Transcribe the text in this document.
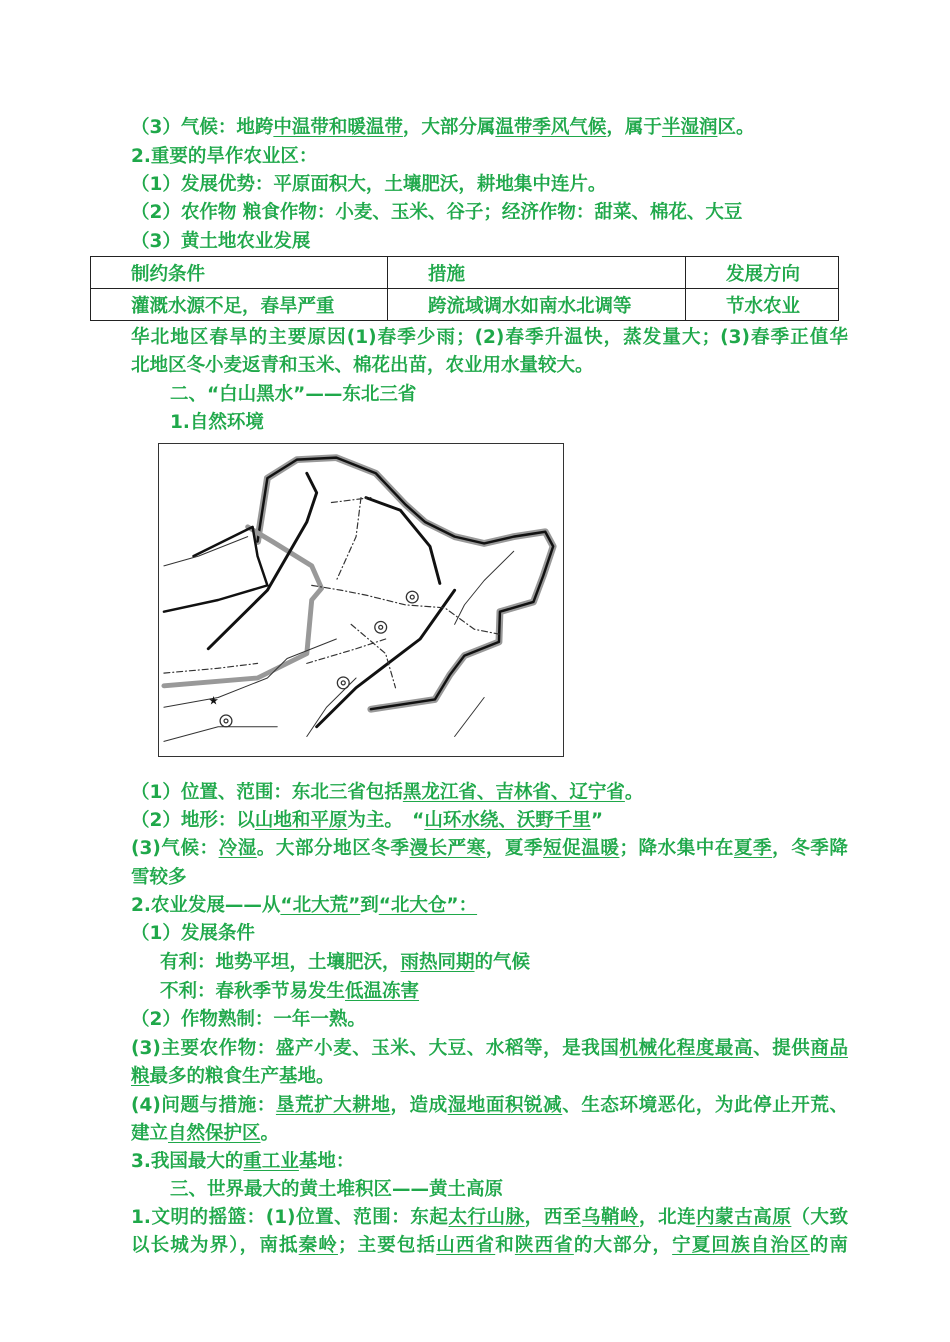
制约条件	措施	发展方向
灌溉水源不足，春旱严重	跨流域调水如南水北调等	节水农业
★
（3）气候：地跨中温带和暖温带，大部分属温带季风气候，属于半湿润区。
2.重要的旱作农业区：
（1）发展优势：平原面积大，土壤肥沃，耕地集中连片。
（2）农作物 粮食作物：小麦、玉米、谷子；经济作物：甜菜、棉花、大豆
（3）黄土地农业发展
华北地区春旱的主要原因(1)春季少雨；(2)春季升温快，蒸发量大；(3)春季正值华
北地区冬小麦返青和玉米、棉花出苗，农业用水量较大。
二、“白山黑水”——东北三省
1.自然环境
（1）位置、范围：东北三省包括黑龙江省、吉林省、辽宁省。
（2）地形：以山地和平原为主。　“山环水绕、沃野千里”
(3)气候：冷湿。大部分地区冬季漫长严寒，夏季短促温暖；降水集中在夏季，冬季降
雪较多
2.农业发展——从“北大荒”到“北大仓”：
（1）发展条件
有利：地势平坦，土壤肥沃，雨热同期的气候
不利：春秋季节易发生低温冻害
（2）作物熟制：一年一熟。
(3)主要农作物：盛产小麦、玉米、大豆、水稻等，是我国机械化程度最高、提供商品
粮最多的粮食生产基地。
(4)问题与措施：垦荒扩大耕地，造成湿地面积锐减、生态环境恶化，为此停止开荒、
建立自然保护区。
3.我国最大的重工业基地：
三、世界最大的黄土堆积区——黄土高原
1.文明的摇篮：(1)位置、范围：东起太行山脉，西至乌鞘岭，北连内蒙古高原（大致
以长城为界），南抵秦岭；主要包括山西省和陕西省的大部分，宁夏回族自治区的南
